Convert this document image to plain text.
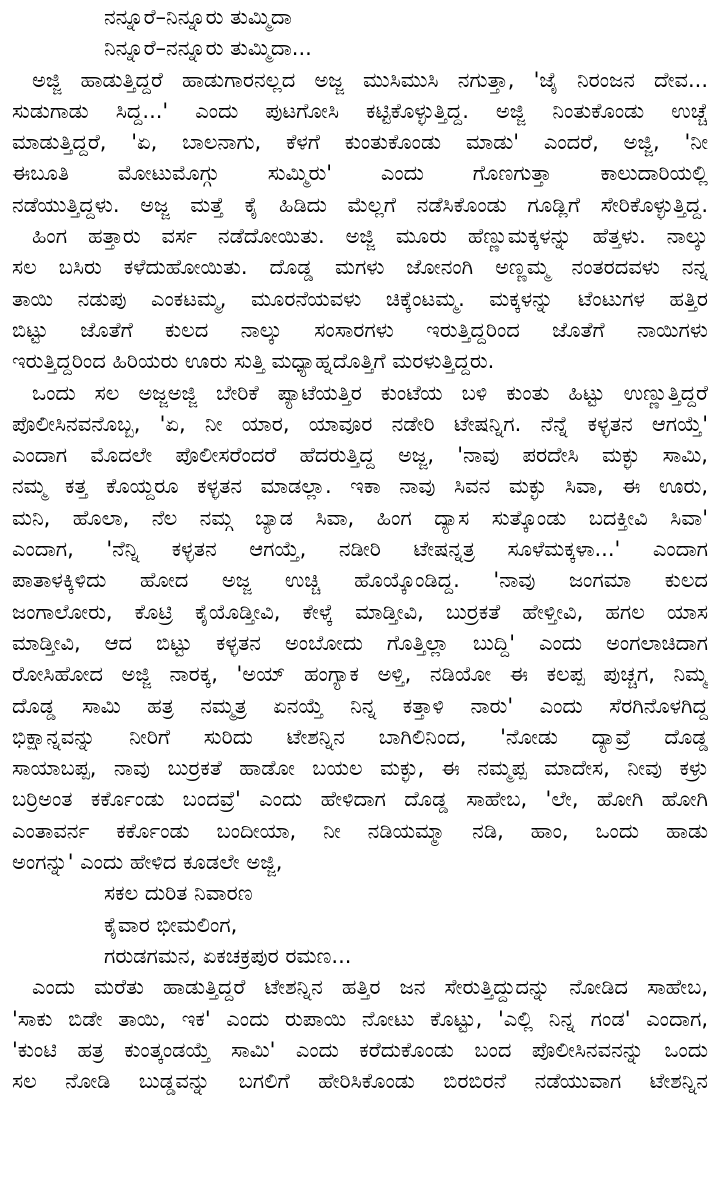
ನನ್ನೂರೆ–ನಿನ್ನೂರು ತುಮ್ಮಿದಾ
ನಿನ್ನೂರೆ–ನನ್ನೂರು ತುಮ್ಮಿದಾ...
ಅಜ್ಜಿ ಹಾಡುತ್ತಿದ್ದರೆ ಹಾಡುಗಾರನಲ್ಲದ ಅಜ್ಜ ಮುಸಿಮುಸಿ ನಗುತ್ತಾ, 'ಜೈ ನಿರಂಜನ ದೇವ...
ಸುಡುಗಾಡು ಸಿದ್ದ...' ಎಂದು ಪುಟಗೋಸಿ ಕಟ್ಟಿಕೊಳ್ಳುತ್ತಿದ್ದ. ಅಜ್ಜಿ ನಿಂತುಕೊಂಡು ಉಚ್ಚೆ
ಮಾಡುತ್ತಿದ್ದರೆ, 'ಏ, ಬಾಲನಾಗು, ಕೆಳಗೆ ಕುಂತುಕೊಂಡು ಮಾಡು' ಎಂದರೆ, ಅಜ್ಜಿ, 'ನೀ
ಈಬೂತಿ ಮೋಟುಮೊಗ್ಗು ಸುಮ್ಮಿರು' ಎಂದು ಗೊಣಗುತ್ತಾ ಕಾಲುದಾರಿಯಲ್ಲಿ
ನಡೆಯುತ್ತಿದ್ದಳು. ಅಜ್ಜ ಮತ್ತೆ ಕೈ ಹಿಡಿದು ಮೆಲ್ಲಗೆ ನಡೆಸಿಕೊಂಡು ಗೂಡ್ಲಿಗೆ ಸೇರಿಕೊಳ್ಳುತ್ತಿದ್ದ.
ಹಿಂಗ ಹತ್ತಾರು ವರ್ಸ ನಡೆದೋಯಿತು. ಅಜ್ಜಿ ಮೂರು ಹೆಣ್ಣುಮಕ್ಕಳನ್ನು ಹೆತ್ತಳು. ನಾಲ್ಕು
ಸಲ ಬಸಿರು ಕಳೆದುಹೋಯಿತು. ದೊಡ್ಡ ಮಗಳು ಜೋನಂಗಿ ಅಣ್ಣಮ್ಮ ನಂತರದವಳು ನನ್ನ
ತಾಯಿ ನಡುಪು ಎಂಕಟಮ್ಮ, ಮೂರನೆಯವಳು ಚಿಕ್ಕೆಂಟಮ್ಮ. ಮಕ್ಕಳನ್ನು ಟೆಂಟುಗಳ ಹತ್ತಿರ
ಬಿಟ್ಟು ಜೊತೆಗೆ ಕುಲದ ನಾಲ್ಕು ಸಂಸಾರಗಳು ಇರುತ್ತಿದ್ದರಿಂದ ಜೊತೆಗೆ ನಾಯಿಗಳು
ಇರುತ್ತಿದ್ದರಿಂದ ಹಿರಿಯರು ಊರು ಸುತ್ತಿ ಮಧ್ಯಾಹ್ನದೊತ್ತಿಗೆ ಮರಳುತ್ತಿದ್ದರು.
ಒಂದು ಸಲ ಅಜ್ಜಅಜ್ಜಿ ಬೇರಿಕೆ ಪ್ಯಾಟೆಯತ್ತಿರ ಕುಂಟೆಯ ಬಳಿ ಕುಂತು ಹಿಟ್ಟು ಉಣ್ಣುತ್ತಿದ್ದರೆ
ಪೊಲೀಸಿನವನೊಬ್ಬ, 'ಏ, ನೀ ಯಾರ, ಯಾವೂರ ನಡೇರಿ ಟೇಷನ್ನಿಗ. ನೆನ್ನೆ ಕಳ್ಳತನ ಆಗಯ್ತೆ'
ಎಂದಾಗ ಮೊದಲೇ ಪೊಲೀಸರೆಂದರೆ ಹೆದರುತ್ತಿದ್ದ ಅಜ್ಜ, 'ನಾವು ಪರದೇಸಿ ಮಕ್ಳು ಸಾಮಿ,
ನಮ್ಮ ಕತ್ತ ಕೊಯ್ದರೂ ಕಳ್ಳತನ ಮಾಡಲ್ಲಾ. ಇಕಾ ನಾವು ಸಿವನ ಮಕ್ಳು ಸಿವಾ, ಈ ಊರು,
ಮನಿ, ಹೊಲಾ, ನೆಲ ನಮ್ಗ ಬ್ಯಾಡ ಸಿವಾ, ಹಿಂಗ ದ್ಯಾಸ ಸುತ್ಕೊಂಡು ಬದಕ್ತೀವಿ ಸಿವಾ'
ಎಂದಾಗ, 'ನೆನ್ನಿ ಕಳ್ಳತನ ಆಗಯ್ತೆ, ನಡೀರಿ ಟೇಷನ್ನತ್ರ ಸೂಳೆಮಕ್ಕಳಾ...' ಎಂದಾಗ
ಪಾತಾಳಕ್ಕಿಳಿದು ಹೋದ ಅಜ್ಜ ಉಚ್ಚಿ ಹೊಯ್ಕೊಂಡಿದ್ದ. 'ನಾವು ಜಂಗಮಾ ಕುಲದ
ಜಂಗಾಲೋರು, ಕೊಟ್ರಿ ಕೈಯೊಡ್ತೀವಿ, ಕೇಳ್ಕೆ ಮಾಡ್ತೀವಿ, ಬುರ್ರಕತೆ ಹೇಳ್ತೀವಿ, ಹಗಲ ಯಾಸ
ಮಾಡ್ತೀವಿ, ಆದ ಬಿಟ್ಟು ಕಳ್ಳತನ ಅಂಬೋದು ಗೊತ್ತಿಲ್ಲಾ ಬುದ್ದಿ' ಎಂದು ಅಂಗಲಾಚಿದಾಗ
ರೋಸಿಹೋದ ಅಜ್ಜಿ ನಾರಕ್ಕ, 'ಅಯ್ ಹಂಗ್ಯಾಕ ಅಳ್ತಿ, ನಡಿಯೋ ಈ ಕಲಪ್ಪ ಪುಚ್ಚಗ, ನಿಮ್ಮ
ದೊಡ್ಡ ಸಾಮಿ ಹತ್ರ ನಮ್ಮತ್ರ ಏನಯ್ತೆ ನಿನ್ನ ಕತ್ತಾಳಿ ನಾರು' ಎಂದು ಸೆರಗಿನೊಳಗಿದ್ದ
ಭಿಕ್ಷಾನ್ನವನ್ನು ನೀರಿಗೆ ಸುರಿದು ಟೇಶನ್ನಿನ ಬಾಗಿಲಿನಿಂದ, 'ನೋಡು ದ್ಯಾವ್ರೆ ದೊಡ್ಡ
ಸಾಯಾಬಪ್ಪ, ನಾವು ಬುರ್ರಕತೆ ಹಾಡೋ ಬಯಲ ಮಕ್ಳು, ಈ ನಮ್ಮಪ್ಪ ಮಾದೇಸ, ನೀವು ಕಳ್ರು
ಬರ್ರಿಅಂತ ಕರ್ಕೊಂಡು ಬಂದವ್ರೆ' ಎಂದು ಹೇಳಿದಾಗ ದೊಡ್ಡ ಸಾಹೇಬ, 'ಲೇ, ಹೋಗಿ ಹೋಗಿ
ಎಂತಾವರ್ನ ಕರ್ಕೊಂಡು ಬಂದೀಯಾ, ನೀ ನಡಿಯಮ್ಮಾ ನಡಿ, ಹಾಂ, ಒಂದು ಹಾಡು
ಅಂಗನ್ನು' ಎಂದು ಹೇಳಿದ ಕೂಡಲೇ ಅಜ್ಜಿ,
ಸಕಲ ದುರಿತ ನಿವಾರಣ
ಕೈವಾರ ಭೀಮಲಿಂಗ,
ಗರುಡಗಮನ, ಏಕಚಕ್ರಪುರ ರಮಣ...
ಎಂದು ಮರೆತು ಹಾಡುತ್ತಿದ್ದರೆ ಟೇಶನ್ನಿನ ಹತ್ತಿರ ಜನ ಸೇರುತ್ತಿದ್ದುದನ್ನು ನೋಡಿದ ಸಾಹೇಬ,
'ಸಾಕು ಬಿಡೇ ತಾಯಿ, ಇಕ' ಎಂದು ರುಪಾಯಿ ನೋಟು ಕೊಟ್ಟು, 'ಎಲ್ಲಿ ನಿನ್ನ ಗಂಡ' ಎಂದಾಗ,
'ಕುಂಟಿ ಹತ್ರ ಕುಂತ್ಕಂಡಯ್ತೆ ಸಾಮಿ' ಎಂದು ಕರೆದುಕೊಂಡು ಬಂದ ಪೊಲೀಸಿನವನನ್ನು ಒಂದು
ಸಲ ನೋಡಿ ಬುಡ್ಡವನ್ನು ಬಗಲಿಗೆ ಹೇರಿಸಿಕೊಂಡು ಬಿರಬಿರನೆ ನಡೆಯುವಾಗ ಟೇಶನ್ನಿನ
